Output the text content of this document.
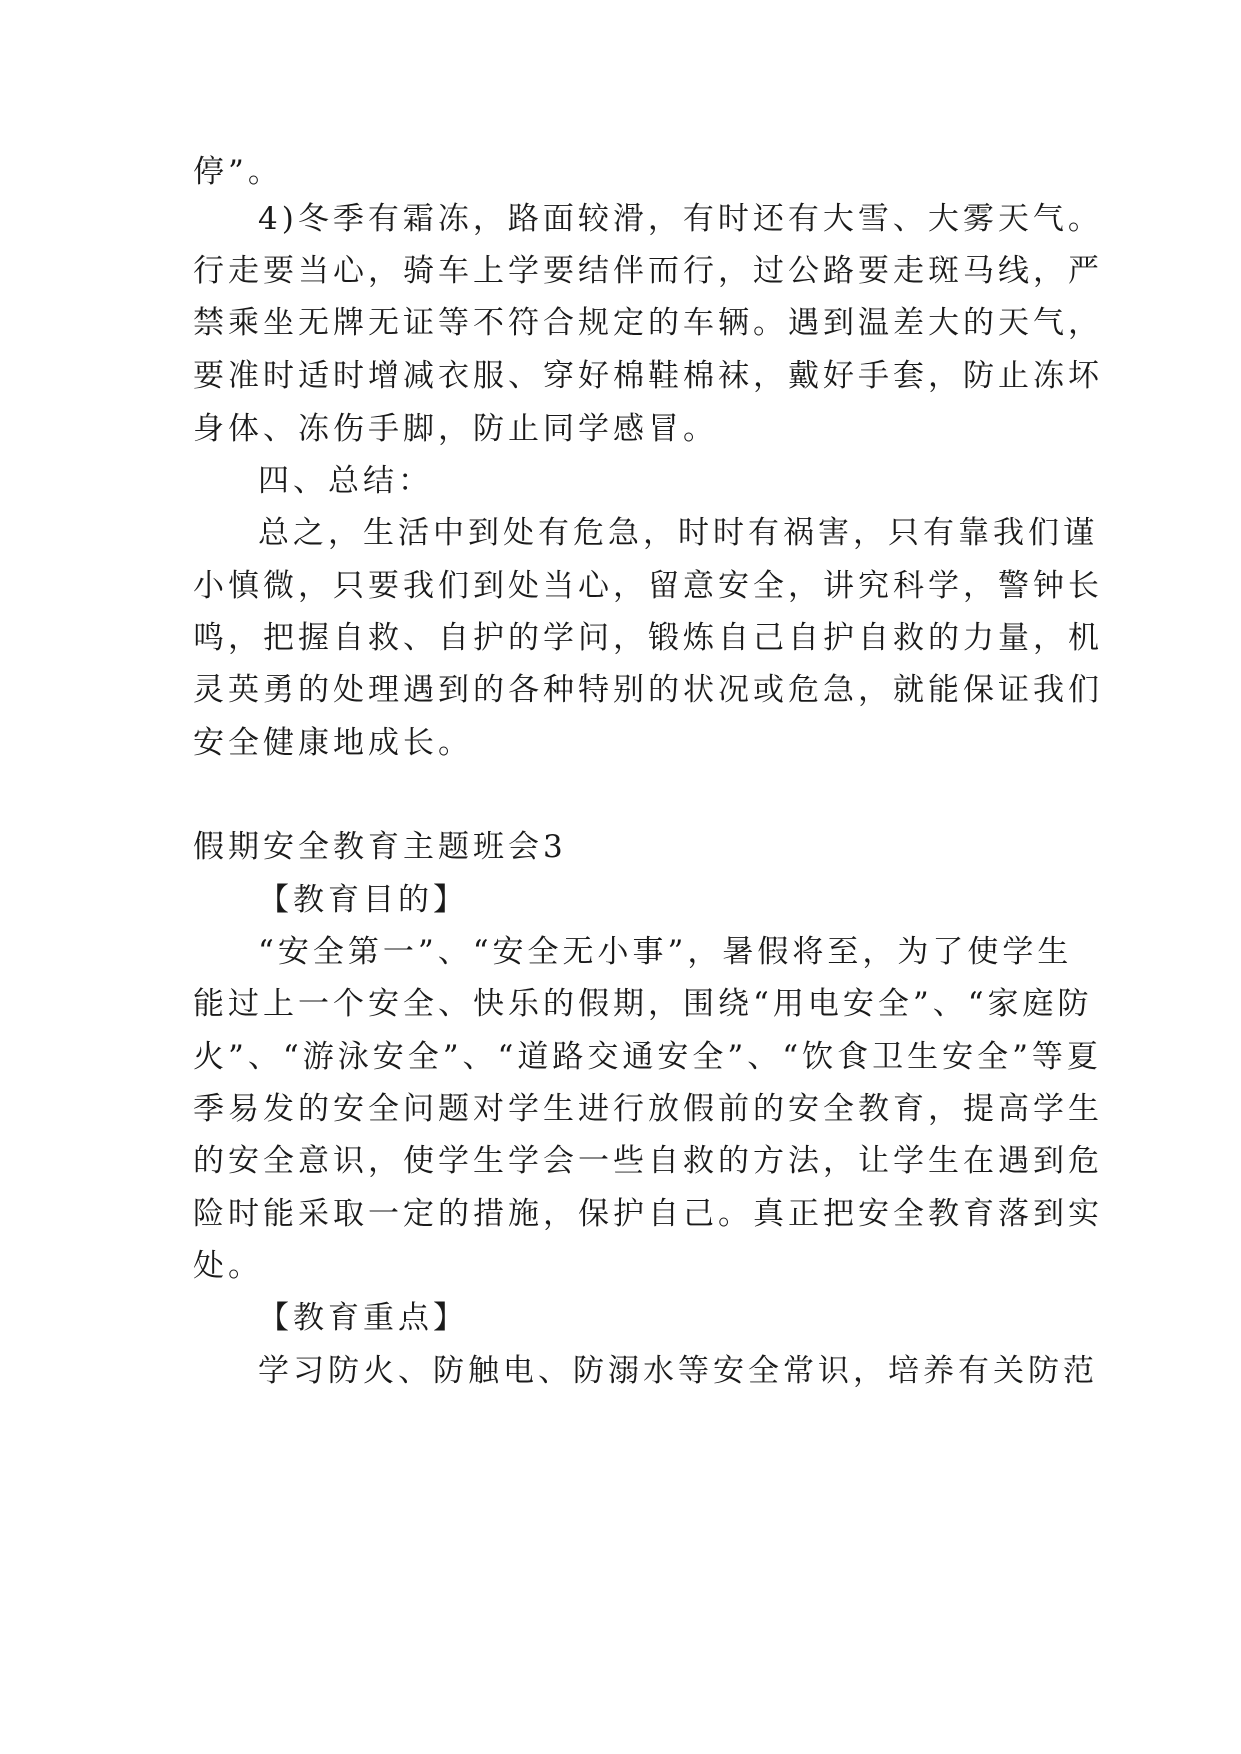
停”。
4)冬季有霜冻，路面较滑，有时还有大雪、大雾天气。
行走要当心，骑车上学要结伴而行，过公路要走斑马线，严
禁乘坐无牌无证等不符合规定的车辆。遇到温差大的天气，
要准时适时增减衣服、穿好棉鞋棉袜，戴好手套，防止冻坏
身体、冻伤手脚，防止同学感冒。
四、总结：
总之，生活中到处有危急，时时有祸害，只有靠我们谨
小慎微，只要我们到处当心，留意安全，讲究科学，警钟长
鸣，把握自救、自护的学问，锻炼自己自护自救的力量，机
灵英勇的处理遇到的各种特别的状况或危急，就能保证我们
安全健康地成长。
假期安全教育主题班会3
【教育目的】
“安全第一”、“安全无小事”，暑假将至，为了使学生
能过上一个安全、快乐的假期，围绕“用电安全”、“家庭防
火”、“游泳安全”、“道路交通安全”、“饮食卫生安全”等夏
季易发的安全问题对学生进行放假前的安全教育，提高学生
的安全意识，使学生学会一些自救的方法，让学生在遇到危
险时能采取一定的措施，保护自己。真正把安全教育落到实
处。
【教育重点】
学习防火、防触电、防溺水等安全常识，培养有关防范
